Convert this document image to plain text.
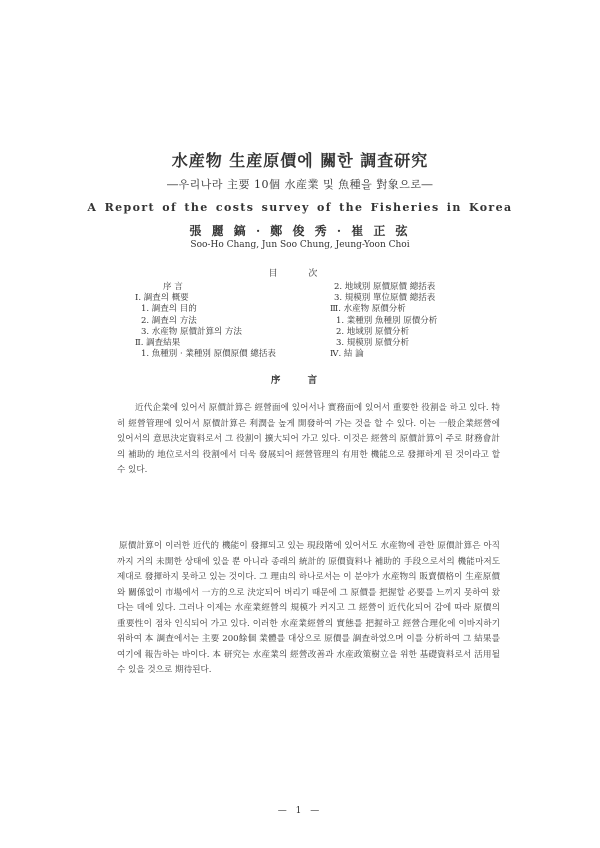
水産物 生産原價에 關한 調査研究
―우리나라 主要 10個 水産業 및 魚種을 對象으로―
A Report of the costs survey of the Fisheries in Korea
張 麗 鎬 · 鄭 俊 秀 · 崔 正 弦
Soo-Ho Chang, Jun Soo Chung, Jeung-Yoon Choi
目 次
序 言
Ⅰ. 調査의 概要
1. 調査의 目的
2. 調査의 方法
3. 水産物 原價計算의 方法
Ⅱ. 調査結果
1. 魚種別 · 業種別 原價原價 總括表
2. 地域別 原價原價 總括表
3. 規模別 單位原價 總括表
Ⅲ. 水産物 原價分析
1. 業種別 魚種別 原價分析
2. 地域別 原價分析
3. 規模別 原價分析
Ⅳ. 結 論
序 言

近代企業에 있어서 原價計算은 經營面에 있어서나 實務面에 있어서 重要한 役割을 하고 있다. 特히 經營管理에 있어서 原價計算은 利潤을 높게 開發하여 가는 것을 할 수 있다. 이는 一般企業經營에 있어서의 意思決定資料로서 그 役割이 擴大되어 가고 있다. 이것은 經營의 原價計算이 주로 財務會計의 補助的 地位로서의 役割에서 더욱 發展되어 經營管理의 有用한 機能으로 發揮하게 된 것이라고 할 수 있다.

原價計算이 이러한 近代的 機能이 發揮되고 있는 現段階에 있어서도 水産物에 관한 原價計算은 아직까지 거의 未開한 상태에 있을 뿐 아니라 종래의 統計的 原價資料나 補助的 手段으로서의 機能마저도 제대로 發揮하지 못하고 있는 것이다. 그 理由의 하나로서는 이 분야가 水産物의 販賣價格이 生産原價와 關係없이 市場에서 一方的으로 決定되어 버리기 때문에 그 原價를 把握할 必要를 느끼지 못하여 왔다는 데에 있다. 그러나 이제는 水産業經營의 規模가 커지고 그 經營이 近代化되어 감에 따라 原價의 重要性이 점차 인식되어 가고 있다. 이러한 水産業經營의 實態를 把握하고 經營合理化에 이바지하기 위하여 本 調査에서는 主要 200餘個 業體를 대상으로 原價를 調査하였으며 이를 分析하여 그 結果를 여기에 報告하는 바이다. 本 研究는 水産業의 經營改善과 水産政策樹立을 위한 基礎資料로서 活用될 수 있을 것으로 期待된다.

— 1 —
